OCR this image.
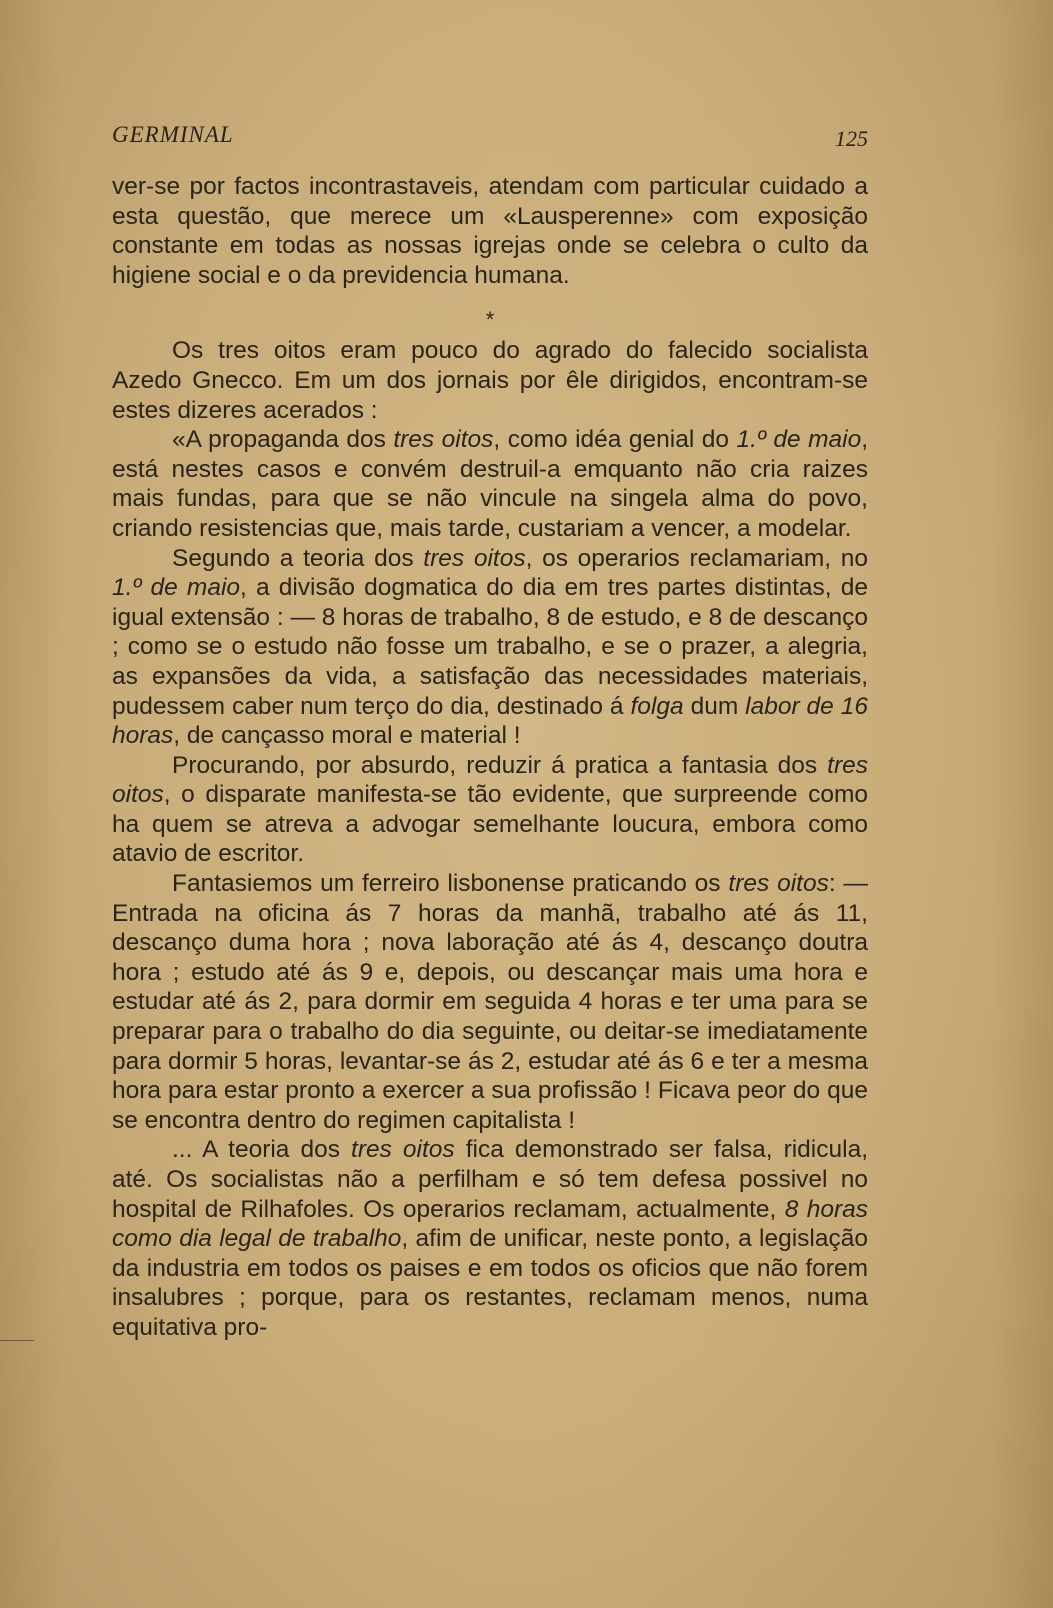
GERMINAL	125

ver-se por factos incontrastaveis, atendam com particular cuidado a esta questão, que merece um «Lausperenne» com exposição constante em todas as nossas igrejas onde se celebra o culto da higiene social e o da previdencia humana.

*

Os tres oitos eram pouco do agrado do falecido socialista Azedo Gnecco. Em um dos jornais por êle dirigidos, encontram-se estes dizeres acerados :

«A propaganda dos tres oitos, como idéa genial do 1.º de maio, está nestes casos e convém destruil-a emquanto não cria raizes mais fundas, para que se não vincule na singela alma do povo, criando resistencias que, mais tarde, custariam a vencer, a modelar.

Segundo a teoria dos tres oitos, os operarios reclamariam, no 1.º de maio, a divisão dogmatica do dia em tres partes distintas, de igual extensão : — 8 horas de trabalho, 8 de estudo, e 8 de descanço ; como se o estudo não fosse um trabalho, e se o prazer, a alegria, as expansões da vida, a satisfação das necessidades materiais, pudessem caber num terço do dia, destinado á folga dum labor de 16 horas, de cançasso moral e material !

Procurando, por absurdo, reduzir á pratica a fantasia dos tres oitos, o disparate manifesta-se tão evidente, que surpreende como ha quem se atreva a advogar semelhante loucura, embora como atavio de escritor.

Fantasiemos um ferreiro lisbonense praticando os tres oitos: — Entrada na oficina ás 7 horas da manhã, trabalho até ás 11, descanço duma hora ; nova laboração até ás 4, descanço doutra hora ; estudo até ás 9 e, depois, ou descançar mais uma hora e estudar até ás 2, para dormir em seguida 4 horas e ter uma para se preparar para o trabalho do dia seguinte, ou deitar-se imediatamente para dormir 5 horas, levantar-se ás 2, estudar até ás 6 e ter a mesma hora para estar pronto a exercer a sua profissão ! Ficava peor do que se encontra dentro do regimen capitalista !

... A teoria dos tres oitos fica demonstrado ser falsa, ridicula, até. Os socialistas não a perfilham e só tem defesa possivel no hospital de Rilhafoles. Os operarios reclamam, actualmente, 8 horas como dia legal de trabalho, afim de unificar, neste ponto, a legislação da industria em todos os paises e em todos os oficios que não forem insalubres ; porque, para os restantes, reclamam menos, numa equitativa pro-
